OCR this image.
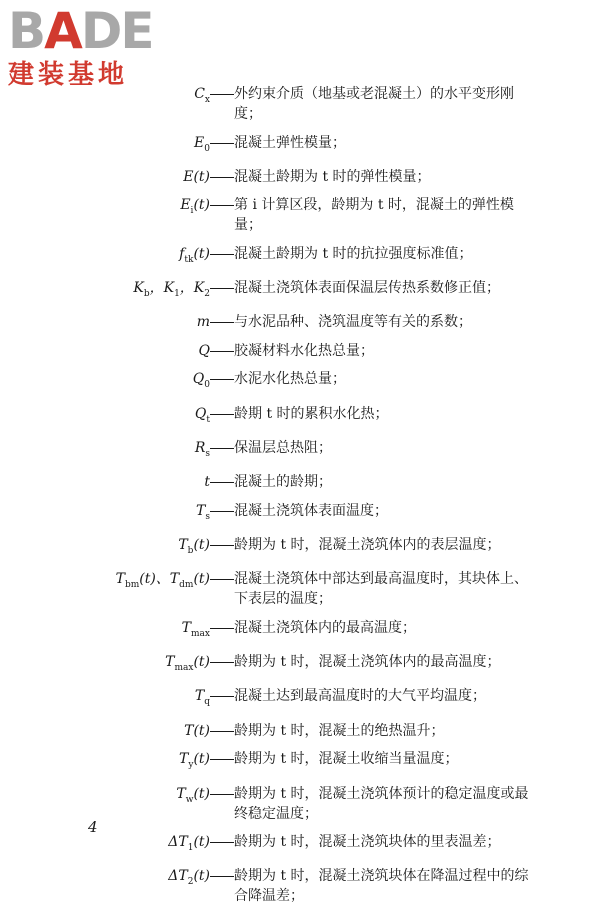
BADE
建装基地
$C_x$ 外约束介质（地基或老混凝土）的水平变形刚度；
$E_0$ 混凝土弹性模量；
E(t) 混凝土龄期为 t 时的弹性模量；
$E_i(t)$ 第 i 计算区段，龄期为 t 时，混凝土的弹性模量；
$f_{tk}(t)$ 混凝土龄期为 t 时的抗拉强度标准值；
$K_b$，$K_1$，$K_2$ 混凝土浇筑体表面保温层传热系数修正值；
m 与水泥品种、浇筑温度等有关的系数；
Q 胶凝材料水化热总量；
$Q_0$ 水泥水化热总量；
$Q_t$ 龄期 t 时的累积水化热；
$R_s$ 保温层总热阻；
t 混凝土的龄期；
$T_s$ 混凝土浇筑体表面温度；
$T_b(t)$ 龄期为 t 时，混凝土浇筑体内的表层温度；
$T_{bm}(t)$、$T_{dm}(t)$ 混凝土浇筑体中部达到最高温度时，其块体上、下表层的温度；
$T_{max}$ 混凝土浇筑体内的最高温度；
$T_{max}(t)$ 龄期为 t 时，混凝土浇筑体内的最高温度；
$T_q$ 混凝土达到最高温度时的大气平均温度；
T(t) 龄期为 t 时，混凝土的绝热温升；
$T_y(t)$ 龄期为 t 时，混凝土收缩当量温度；
$T_w(t)$ 龄期为 t 时，混凝土浇筑体预计的稳定温度或最终稳定温度；
$\Delta T_1(t)$ 龄期为 t 时，混凝土浇筑块体的里表温差；
$\Delta T_2(t)$ 龄期为 t 时，混凝土浇筑块体在降温过程中的综合降温差；
4
